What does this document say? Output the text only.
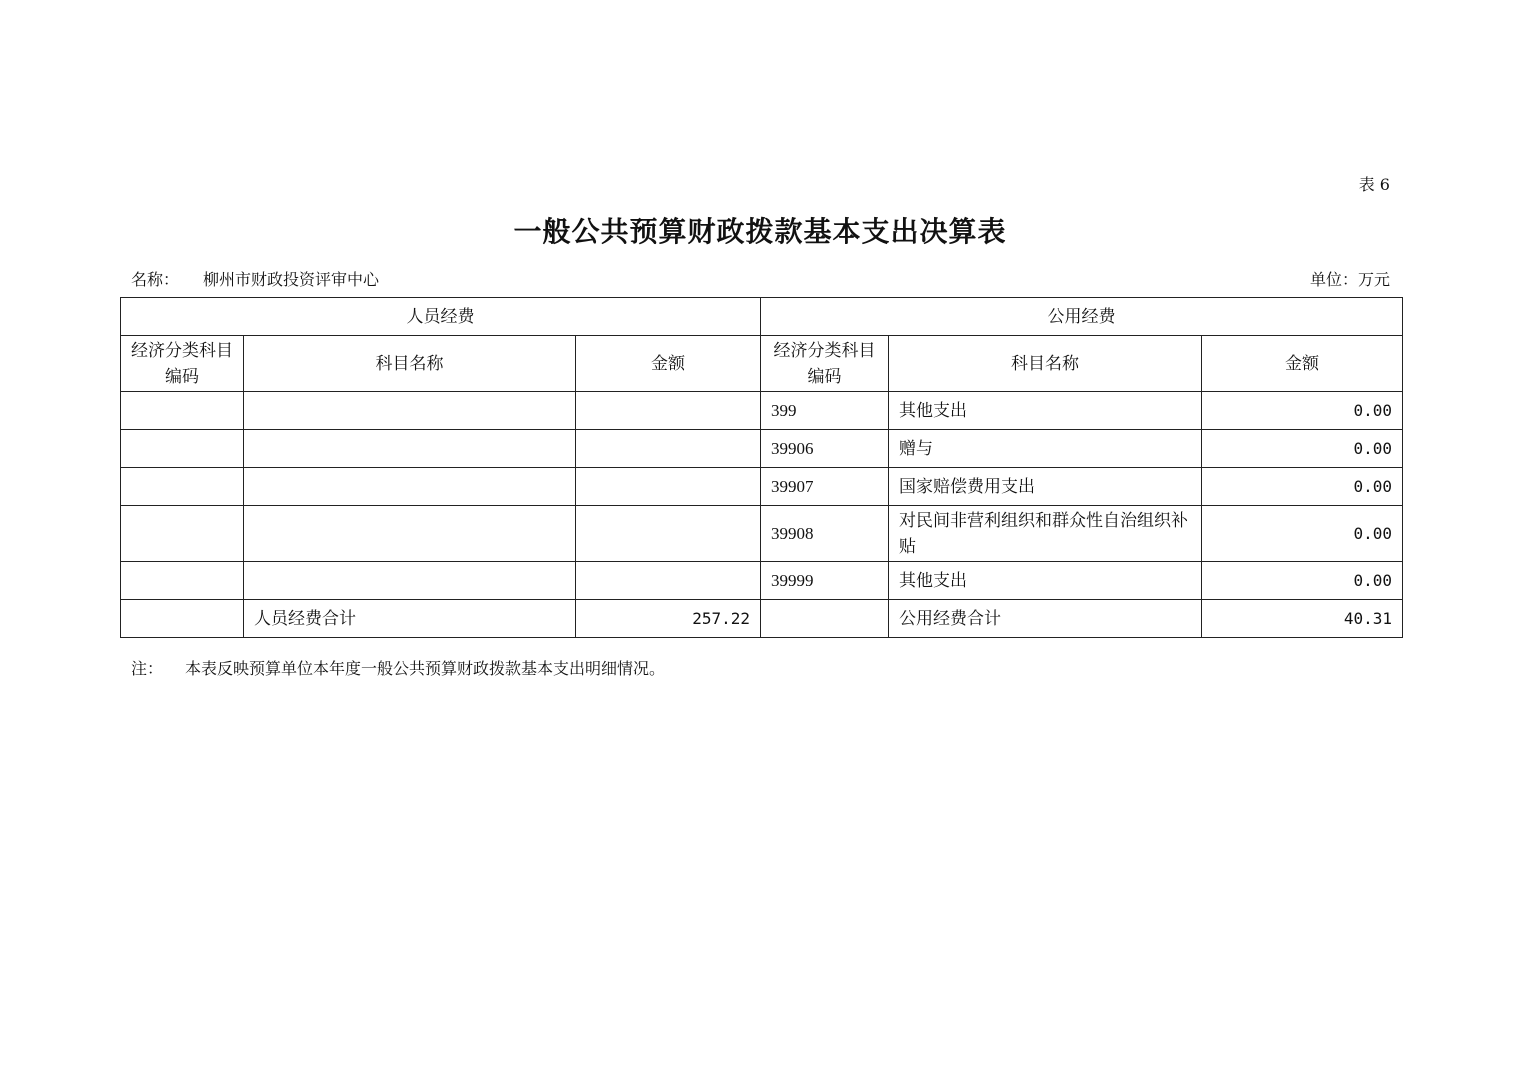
表 6
一般公共预算财政拨款基本支出决算表
名称： 柳州市财政投资评审中心	单位：万元
人员经费			公用经费		
经济分类科目编码	科目名称	金额	经济分类科目编码	科目名称	金额
			399	其他支出	0.00
			39906	赠与	0.00
			39907	国家赔偿费用支出	0.00
			39908	对民间非营利组织和群众性自治组织补贴	0.00
			39999	其他支出	0.00
	人员经费合计	257.22		公用经费合计	40.31
注： 本表反映预算单位本年度一般公共预算财政拨款基本支出明细情况。
